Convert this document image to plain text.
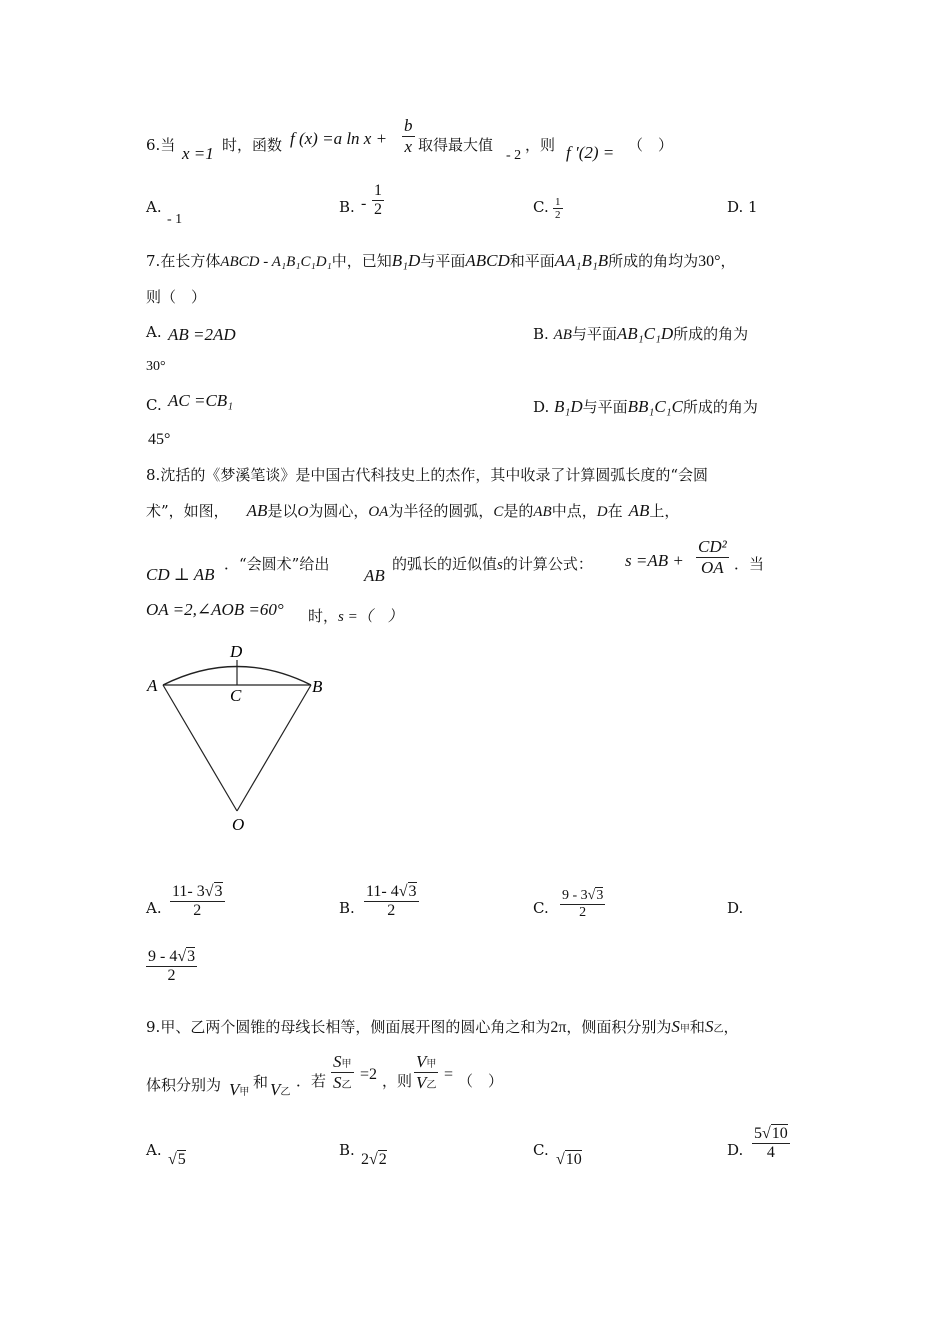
6.当 x =1 时，函数 f (x) =a $\ln x + \frac{b}{x}$ 取得最大值
- 2
，则 f ′(2) = （　）
A.
- 1
B. - $\frac{1}{2}$	C. $\frac{1}{2}$	D. 1
7.在长方体ABCD - A₁B₁C₁D₁中，已知B₁D与平面ABCD和平面AA₁B₁B所成的角均为30°，
则（　）
A. AB =2AD	B. AB与平面AB₁C₁D所成的角为
30°
C. AC =CB₁	D. B₁D与平面BB₁C₁C所成的角为
45°
8.沈括的《梦溪笔谈》是中国古代科技史上的杰作，其中收录了计算圆弧长度的“会圆
术”，如图， AB是以O为圆心，OA为半径的圆弧，C是的AB中点，D在 AB上，
CD ⊥ AB
．“会圆术”给出
AB
的弧长的近似值s的计算公式： $s =AB + \frac{\text{CD²}}{OA}$ ．当
OA =2,∠AOB =60° 时，s =（　）
D
A
C	B
O
A. $\frac{11- 3√3}{2}$	B. $\frac{11- 4√3}{2}$	C. $\frac{9 - 3√3}{2}$	D.
$\frac{9 - 4√3}{2}$
9.甲、乙两个圆锥的母线长相等，侧面展开图的圆心角之和为2π，侧面积分别为S甲和S乙，
体积分别为 V甲
和 V乙
．若 $\frac{\text{S甲}}{\text{S乙}} =2$ ，则 $\frac{\text{V甲}}{\text{V乙}}$ = （　）
A.
√5
B.
2√2
C.
√10
D. $\frac{5√10}{4}$
